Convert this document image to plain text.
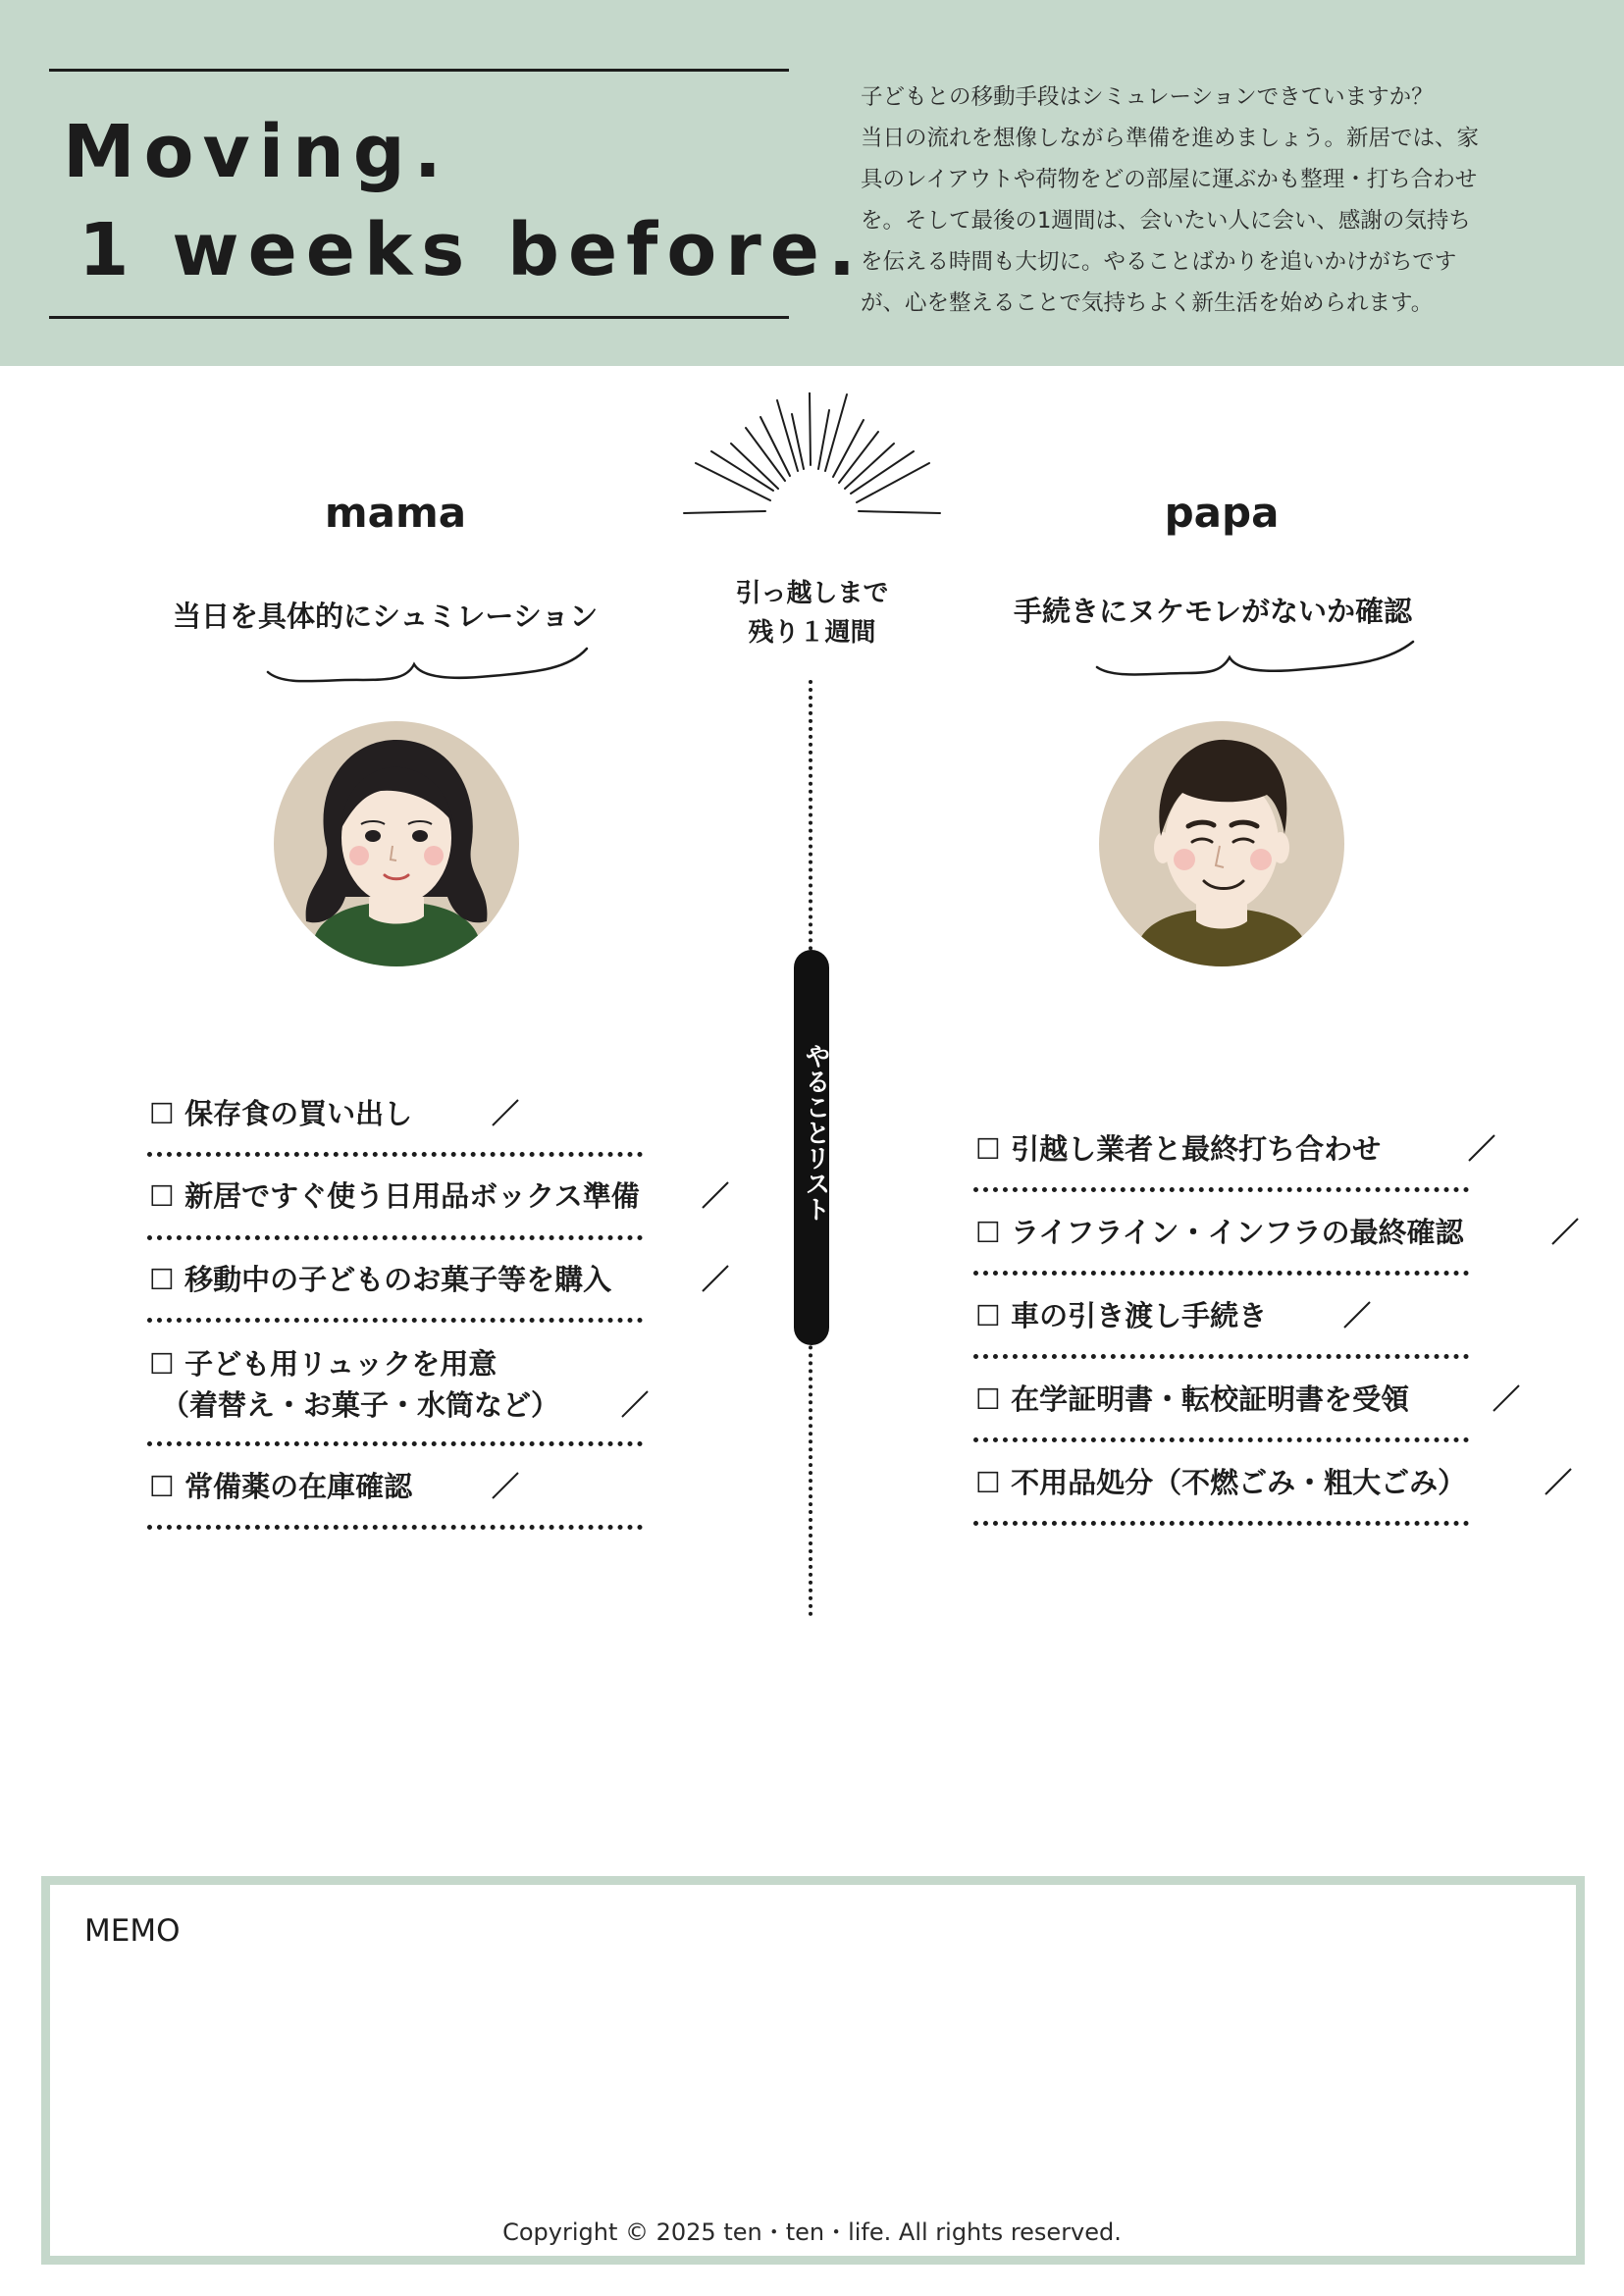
Moving.
1 weeks before.
子どもとの移動手段はシミュレーションできていますか？
当日の流れを想像しながら準備を進めましょう。新居では、家
具のレイアウトや荷物をどの部屋に運ぶかも整理・打ち合わせ
を。そして最後の1週間は、会いたい人に会い、感謝の気持ち
を伝える時間も大切に。やることばかりを追いかけがちです
が、心を整えることで気持ちよく新生活を始められます。
引っ越しまで
残り１週間
やることリスト
mama
当日を具体的にシュミレーション
☐ 保存食の買い出し
☐ 新居ですぐ使う日用品ボックス準備
☐ 移動中の子どものお菓子等を購入
☐ 子ども用リュックを用意
（着替え・お菓子・水筒など）
☐ 常備薬の在庫確認
papa
手続きにヌケモレがないか確認
☐ 引越し業者と最終打ち合わせ
☐ ライフライン・インフラの最終確認
☐ 車の引き渡し手続き
☐ 在学証明書・転校証明書を受領
☐ 不用品処分（不燃ごみ・粗大ごみ）
MEMO
Copyright © 2025 ten・ten・life. All rights reserved.
